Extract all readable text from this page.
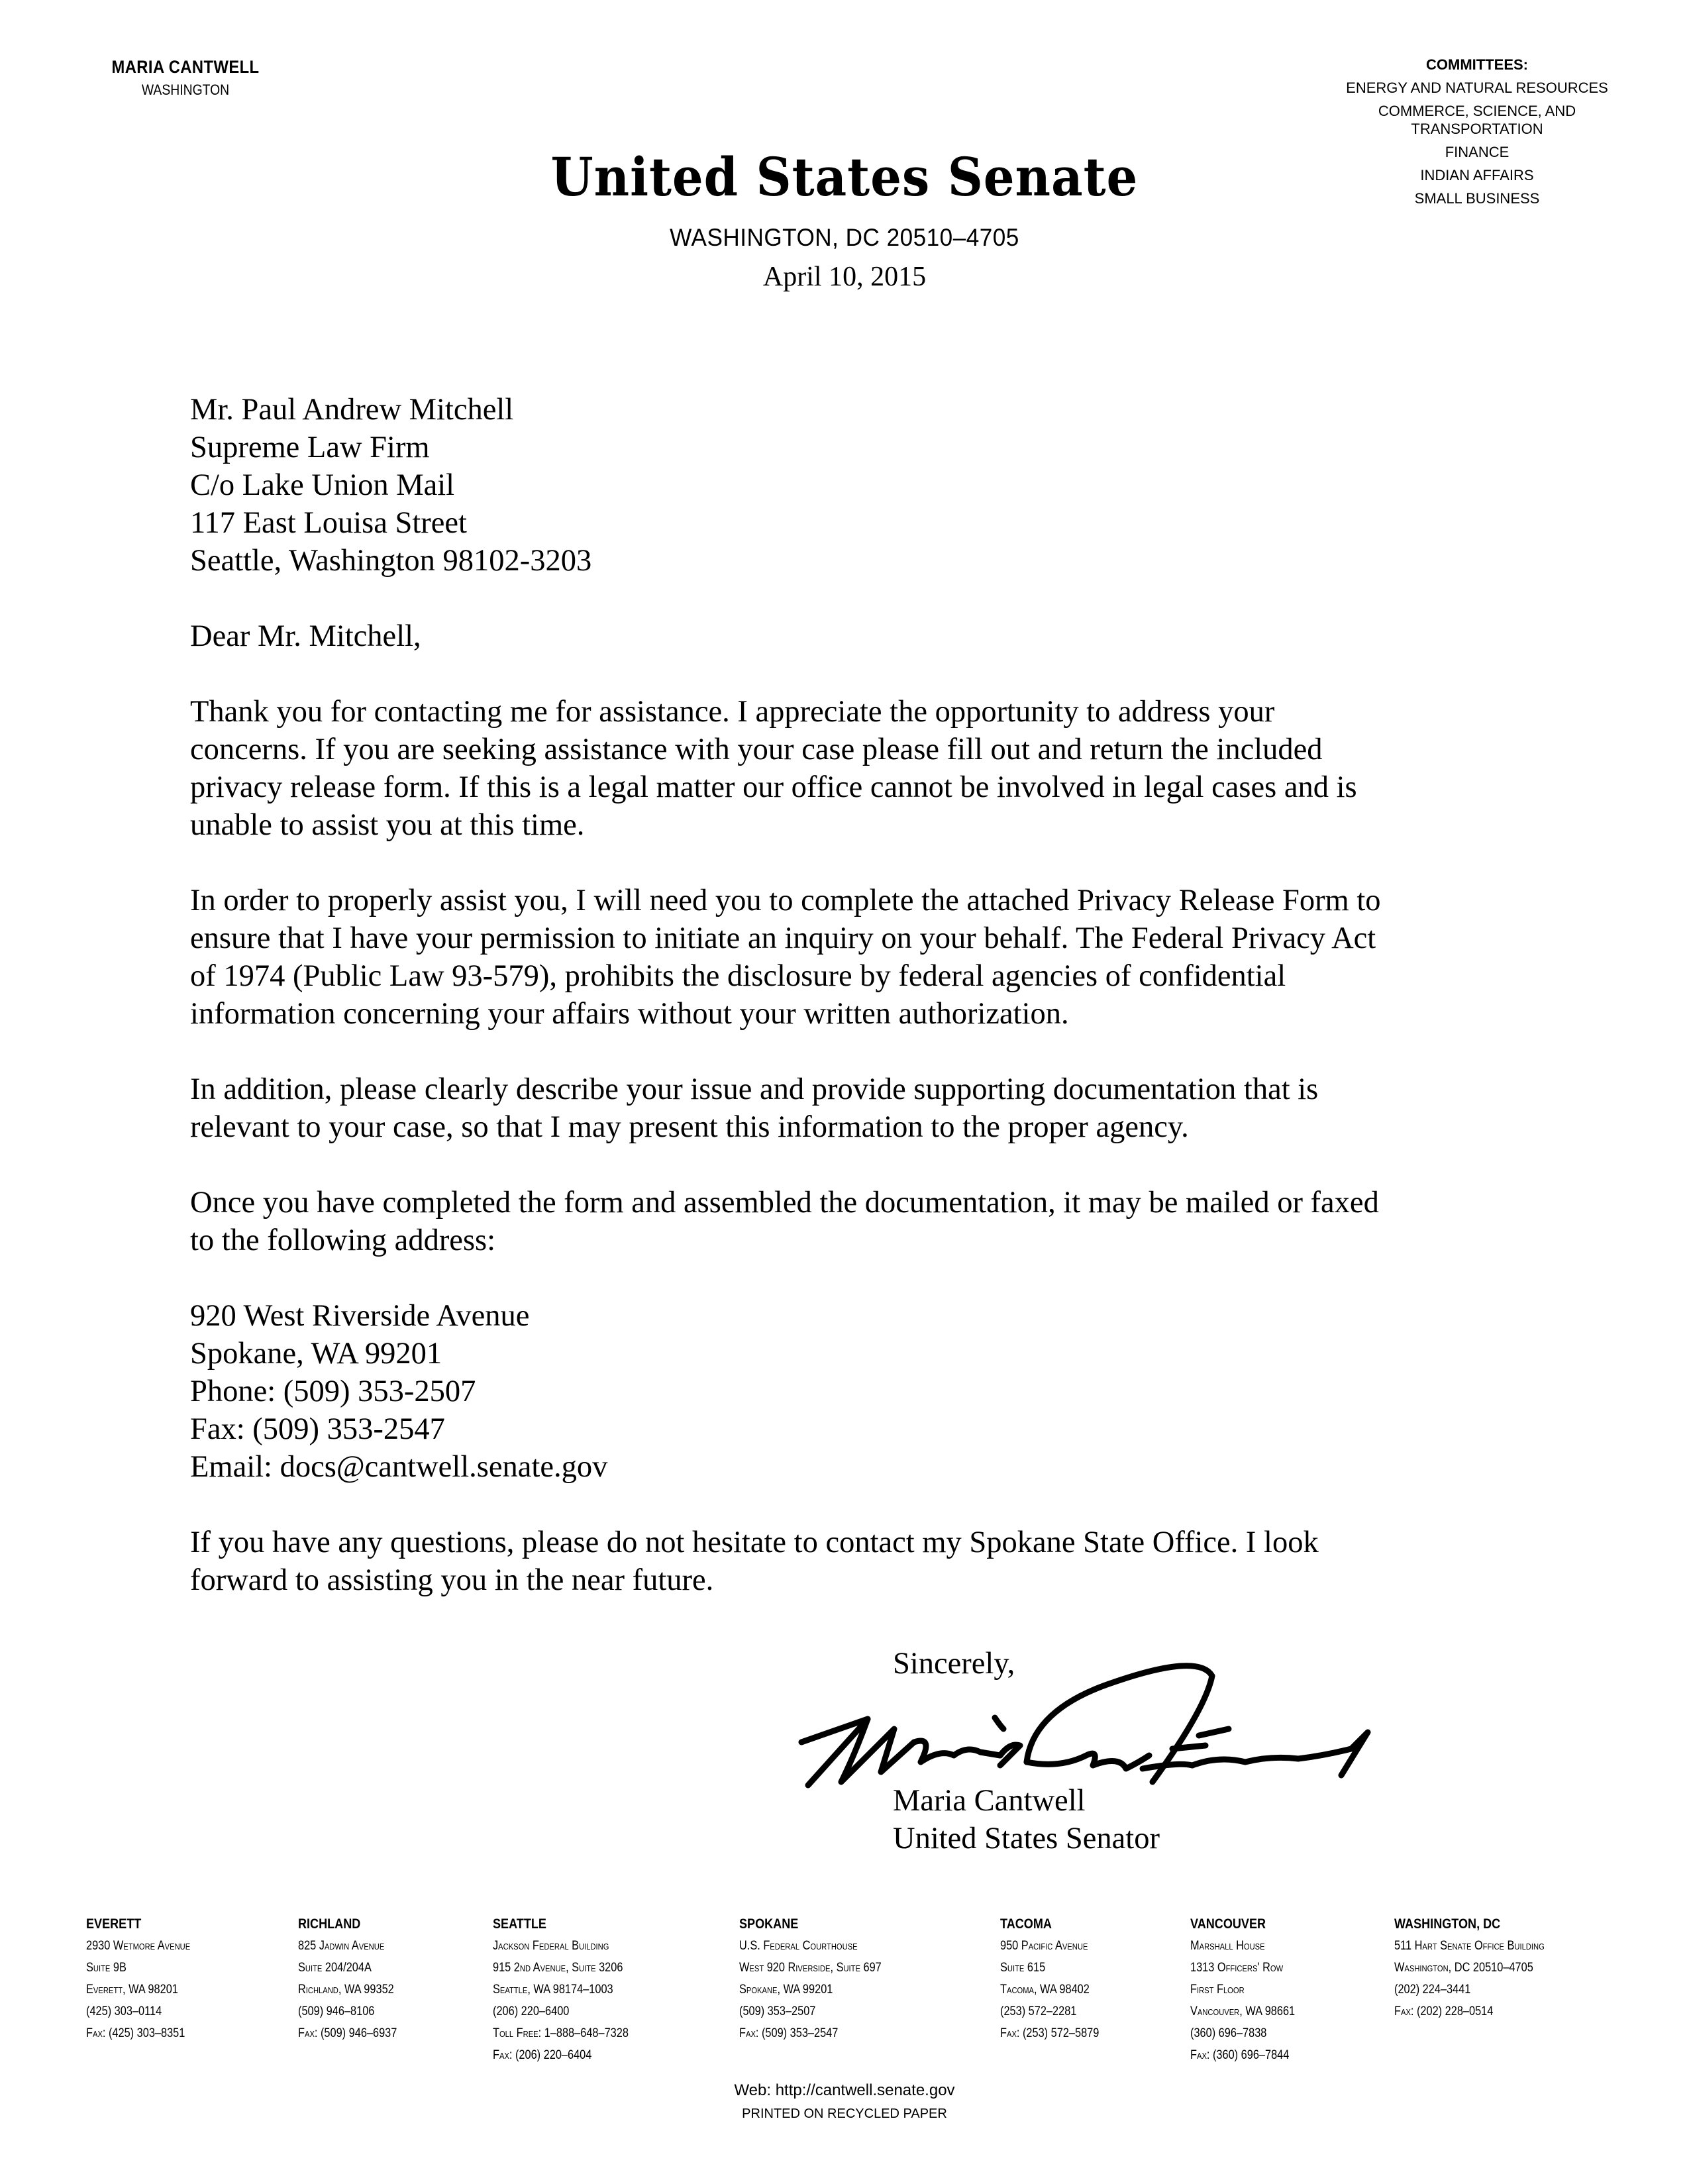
MARIA CANTWELL
WASHINGTON
COMMITTEES:
ENERGY AND NATURAL RESOURCES
COMMERCE, SCIENCE, AND TRANSPORTATION
FINANCE
INDIAN AFFAIRS
SMALL BUSINESS
United States Senate
WASHINGTON, DC 20510–4705
April 10, 2015
Mr. Paul Andrew Mitchell
Supreme Law Firm
C/o Lake Union Mail
117 East Louisa Street
Seattle, Washington 98102-3203
Dear Mr. Mitchell,
Thank you for contacting me for assistance. I appreciate the opportunity to address your
concerns. If you are seeking assistance with your case please fill out and return the included
privacy release form. If this is a legal matter our office cannot be involved in legal cases and is
unable to assist you at this time.
In order to properly assist you, I will need you to complete the attached Privacy Release Form to
ensure that I have your permission to initiate an inquiry on your behalf. The Federal Privacy Act
of 1974 (Public Law 93-579), prohibits the disclosure by federal agencies of confidential
information concerning your affairs without your written authorization.
In addition, please clearly describe your issue and provide supporting documentation that is
relevant to your case, so that I may present this information to the proper agency.
Once you have completed the form and assembled the documentation, it may be mailed or faxed
to the following address:
920 West Riverside Avenue
Spokane, WA 99201
Phone: (509) 353-2507
Fax: (509) 353-2547
Email: docs@cantwell.senate.gov
If you have any questions, please do not hesitate to contact my Spokane State Office. I look
forward to assisting you in the near future.
Sincerely,
Maria Cantwell
United States Senator
EVERETT
2930 Wetmore Avenue
Suite 9B
Everett, WA 98201
(425) 303–0114
Fax: (425) 303–8351
RICHLAND
825 Jadwin Avenue
Suite 204/204A
Richland, WA 99352
(509) 946–8106
Fax: (509) 946–6937
SEATTLE
Jackson Federal Building
915 2nd Avenue, Suite 3206
Seattle, WA 98174–1003
(206) 220–6400
Toll Free: 1–888–648–7328
Fax: (206) 220–6404
SPOKANE
U.S. Federal Courthouse
West 920 Riverside, Suite 697
Spokane, WA 99201
(509) 353–2507
Fax: (509) 353–2547
TACOMA
950 Pacific Avenue
Suite 615
Tacoma, WA 98402
(253) 572–2281
Fax: (253) 572–5879
VANCOUVER
Marshall House
1313 Officers' Row
First Floor
Vancouver, WA 98661
(360) 696–7838
Fax: (360) 696–7844
WASHINGTON, DC
511 Hart Senate Office Building
Washington, DC 20510–4705
(202) 224–3441
Fax: (202) 228–0514
Web: http://cantwell.senate.gov
PRINTED ON RECYCLED PAPER
